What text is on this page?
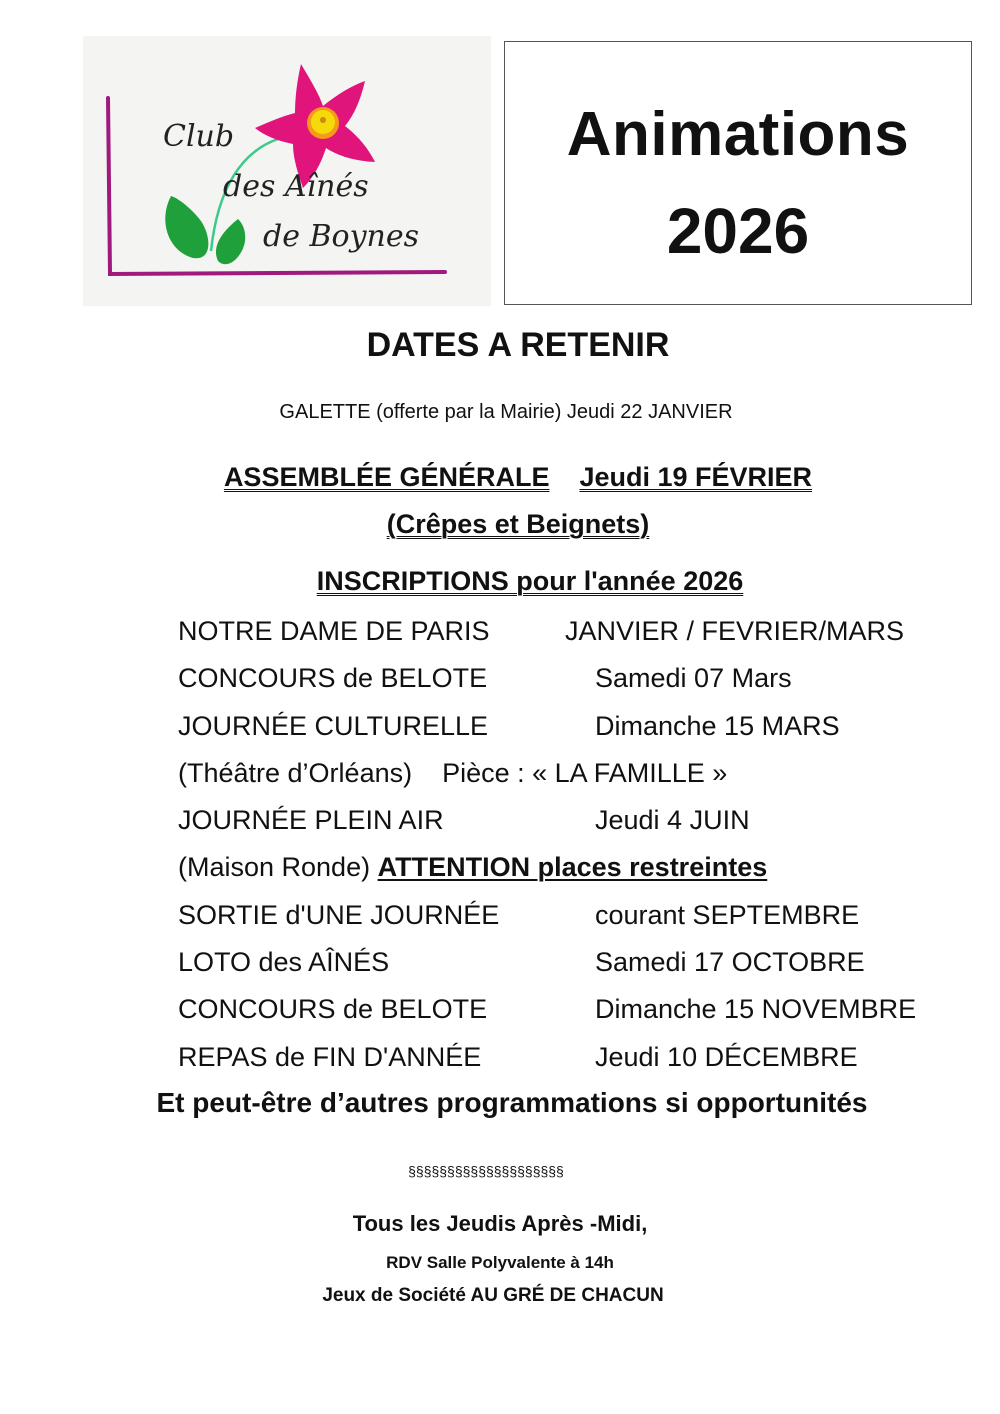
Club
des Aînés
de Boynes
Animations
2026
DATES A RETENIR
GALETTE (offerte par la Mairie) Jeudi 22 JANVIER
ASSEMBLÉE GÉNÉRALE Jeudi 19 FÉVRIER
(Crêpes et Beignets)
INSCRIPTIONS pour l'année 2026
NOTRE DAME DE PARIS	JANVIER / FEVRIER/MARS
CONCOURS de BELOTE	Samedi 07 Mars
JOURNÉE CULTURELLE	Dimanche 15 MARS
(Théâtre d’Orléans) Pièce : « LA FAMILLE »
JOURNÉE PLEIN AIR	Jeudi 4 JUIN
(Maison Ronde) ATTENTION places restreintes
SORTIE d'UNE JOURNÉE	courant SEPTEMBRE
LOTO des AÎNÉS	Samedi 17 OCTOBRE
CONCOURS de BELOTE	Dimanche 15 NOVEMBRE
REPAS de FIN D'ANNÉE	Jeudi 10 DÉCEMBRE
Et peut-être d’autres programmations si opportunités
§§§§§§§§§§§§§§§§§§§§
Tous les Jeudis Après -Midi,
RDV Salle Polyvalente à 14h
Jeux de Société AU GRÉ DE CHACUN
